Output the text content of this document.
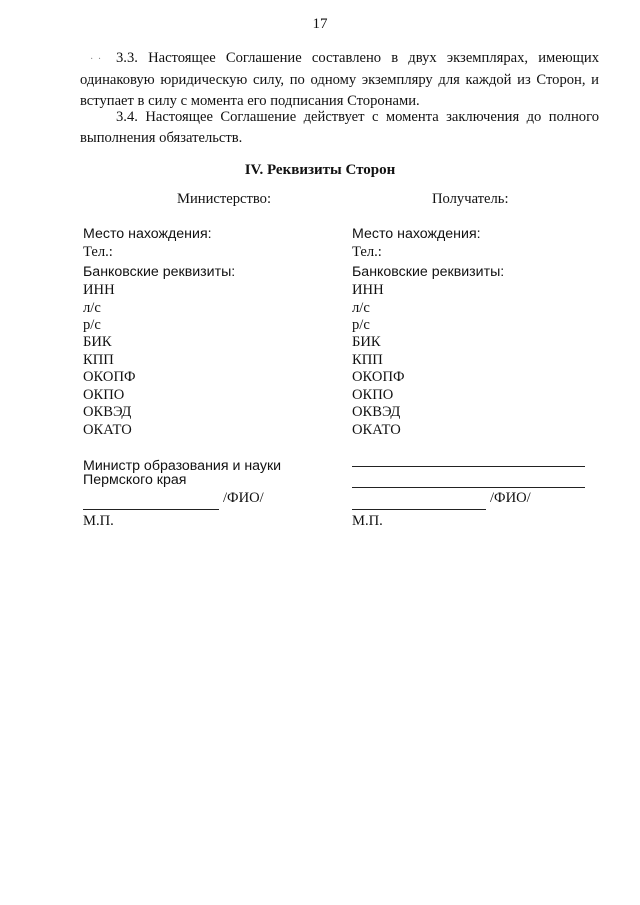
17

· · 3.3. Настоящее Соглашение составлено в двух экземплярах, имеющих одинаковую юридическую силу, по одному экземпляру для каждой из Сторон, и вступает в силу с момента его подписания Сторонами.

3.4. Настоящее Соглашение действует с момента заключения до полного выполнения обязательств.

IV. Реквизиты Сторон
Министерство:	Получатель:
Место нахождения:
Тел.:
Банковские реквизиты:
ИНН
л/с
р/с
БИК
КПП
ОКОПФ
ОКПО
ОКВЭД
ОКАТО
Министр образования и науки
Пермского края
/ФИО/
М.П.
Место нахождения:
Тел.:
Банковские реквизиты:
ИНН
л/с
р/с
БИК
КПП
ОКОПФ
ОКПО
ОКВЭД
ОКАТО
/ФИО/
М.П.
